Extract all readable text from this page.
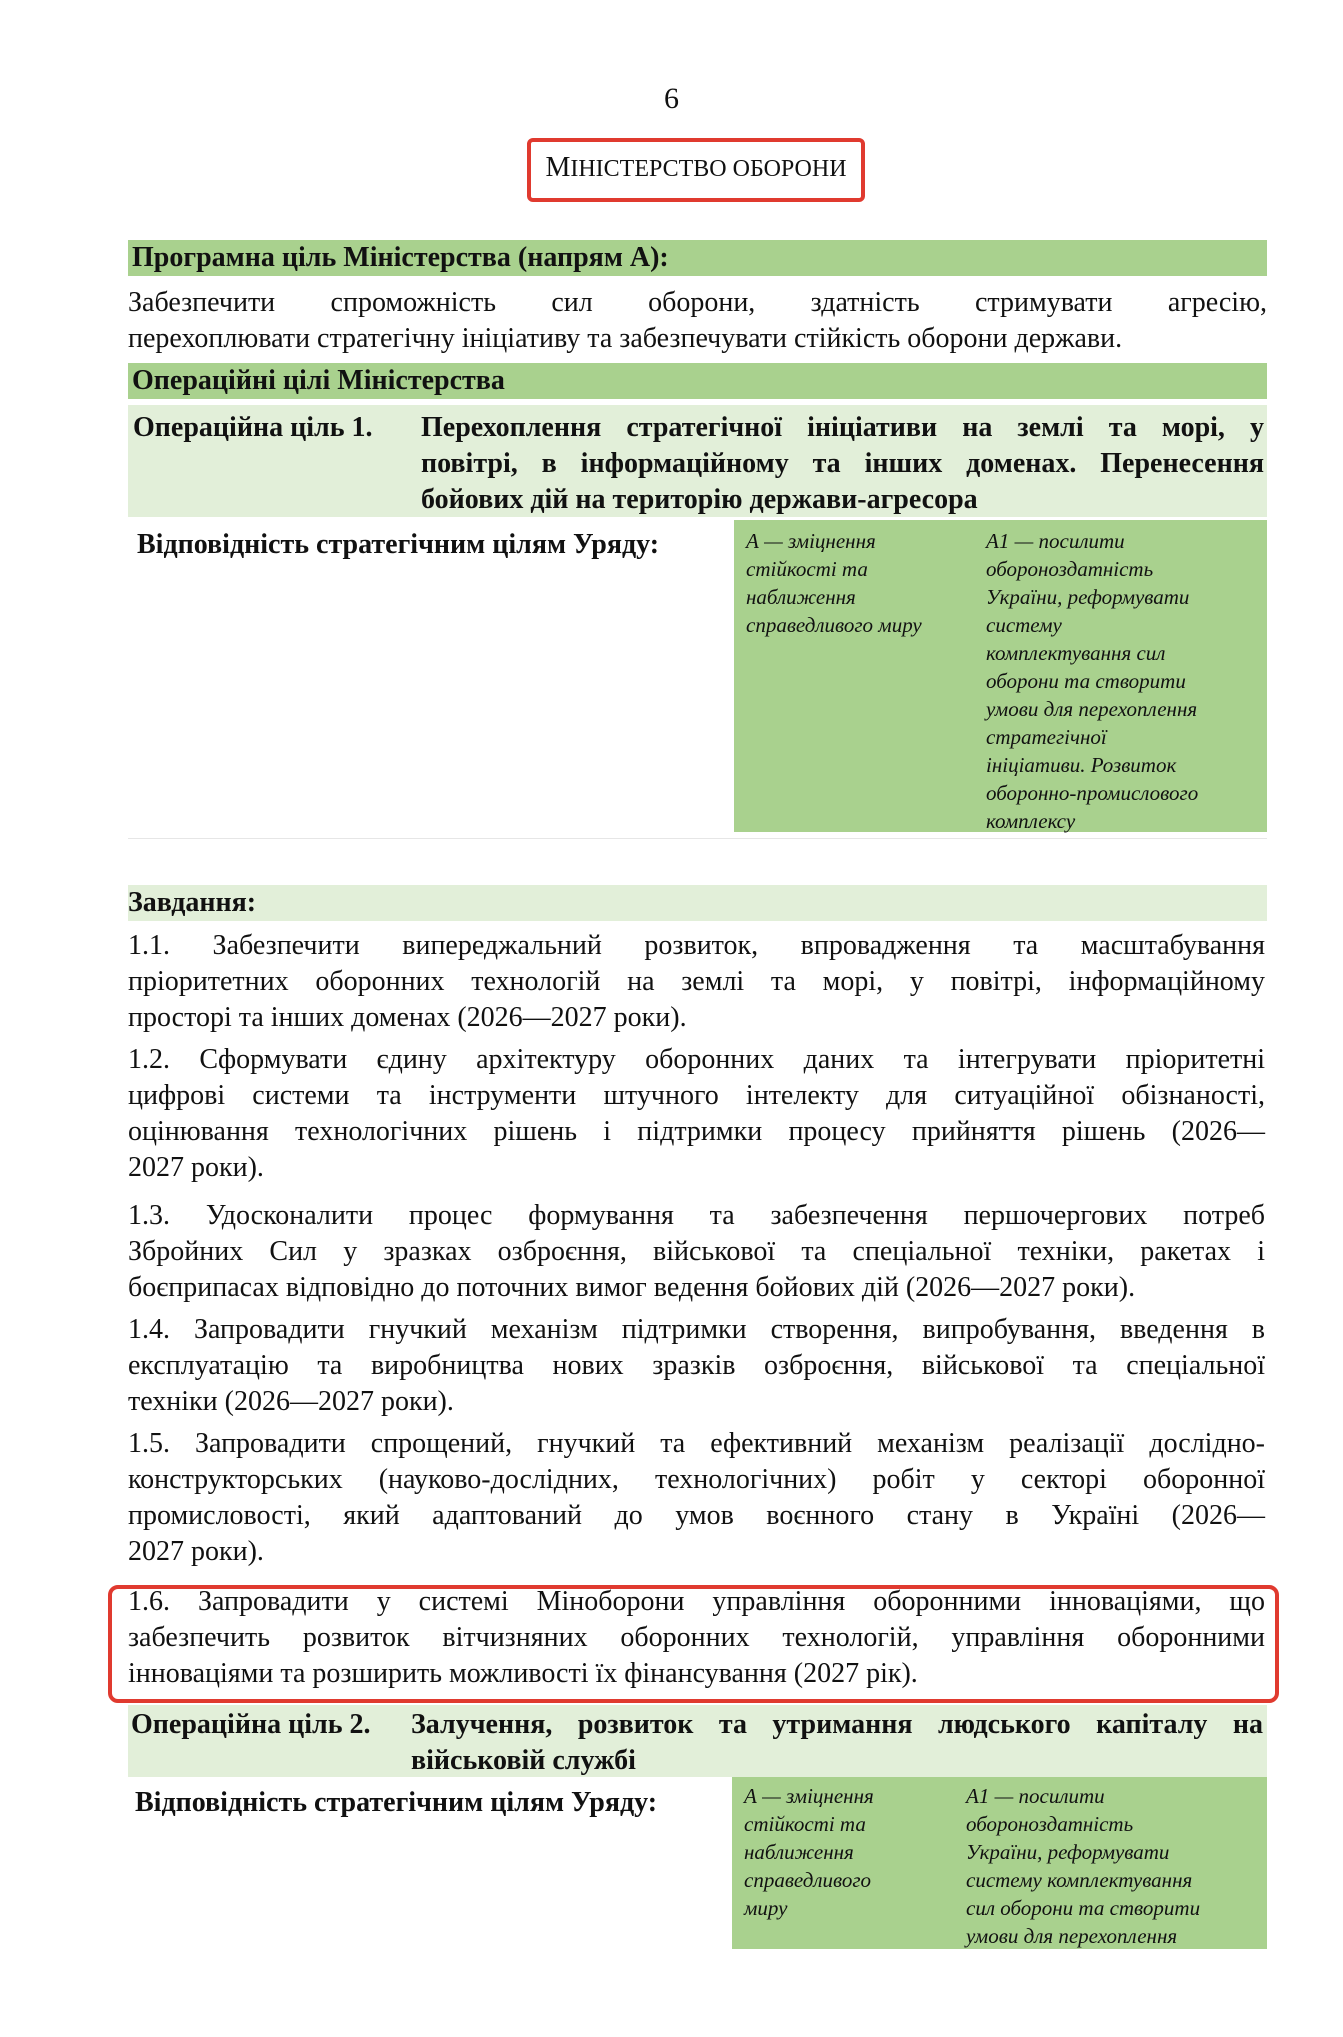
6
МІНІСТЕРСТВО ОБОРОНИ
Програмна ціль Міністерства (напрям А):
Забезпечити спроможність сил оборони, здатність стримувати агресію,
перехоплювати стратегічну ініціативу та забезпечувати стійкість оборони держави.
Операційні цілі Міністерства
Операційна ціль 1. Перехоплення стратегічної ініціативи на землі та морі, у
повітрі, в інформаційному та інших доменах. Перенесення
бойових дій на територію держави-агресора
Відповідність стратегічним цілям Уряду:	А — зміцнення
стійкості та
наближення
справедливого миру
А1 — посилити
обороноздатність
України, реформувати
систему
комплектування сил
оборони та створити
умови для перехоплення
стратегічної
ініціативи. Розвиток
оборонно-промислового
комплексу
Завдання:
1.1. Забезпечити випереджальний розвиток, впровадження та масштабування
пріоритетних оборонних технологій на землі та морі, у повітрі, інформаційному
просторі та інших доменах (2026—2027 роки).
1.2. Сформувати єдину архітектуру оборонних даних та інтегрувати пріоритетні
цифрові системи та інструменти штучного інтелекту для ситуаційної обізнаності,
оцінювання технологічних рішень і підтримки процесу прийняття рішень (2026—
2027 роки).
1.3. Удосконалити процес формування та забезпечення першочергових потреб
Збройних Сил у зразках озброєння, військової та спеціальної техніки, ракетах і
боєприпасах відповідно до поточних вимог ведення бойових дій (2026—2027 роки).
1.4. Запровадити гнучкий механізм підтримки створення, випробування, введення в
експлуатацію та виробництва нових зразків озброєння, військової та спеціальної
техніки (2026—2027 роки).
1.5. Запровадити спрощений, гнучкий та ефективний механізм реалізації дослідно-
конструкторських (науково-дослідних, технологічних) робіт у секторі оборонної
промисловості, який адаптований до умов воєнного стану в Україні (2026—
2027 роки).
1.6. Запровадити у системі Міноборони управління оборонними інноваціями, що
забезпечить розвиток вітчизняних оборонних технологій, управління оборонними
інноваціями та розширить можливості їх фінансування (2027 рік).
Операційна ціль 2. Залучення, розвиток та утримання людського капіталу на
військовій службі
Відповідність стратегічним цілям Уряду:	А — зміцнення
стійкості та
наближення
справедливого
миру
А1 — посилити
обороноздатність
України, реформувати
систему комплектування
сил оборони та створити
умови для перехоплення
